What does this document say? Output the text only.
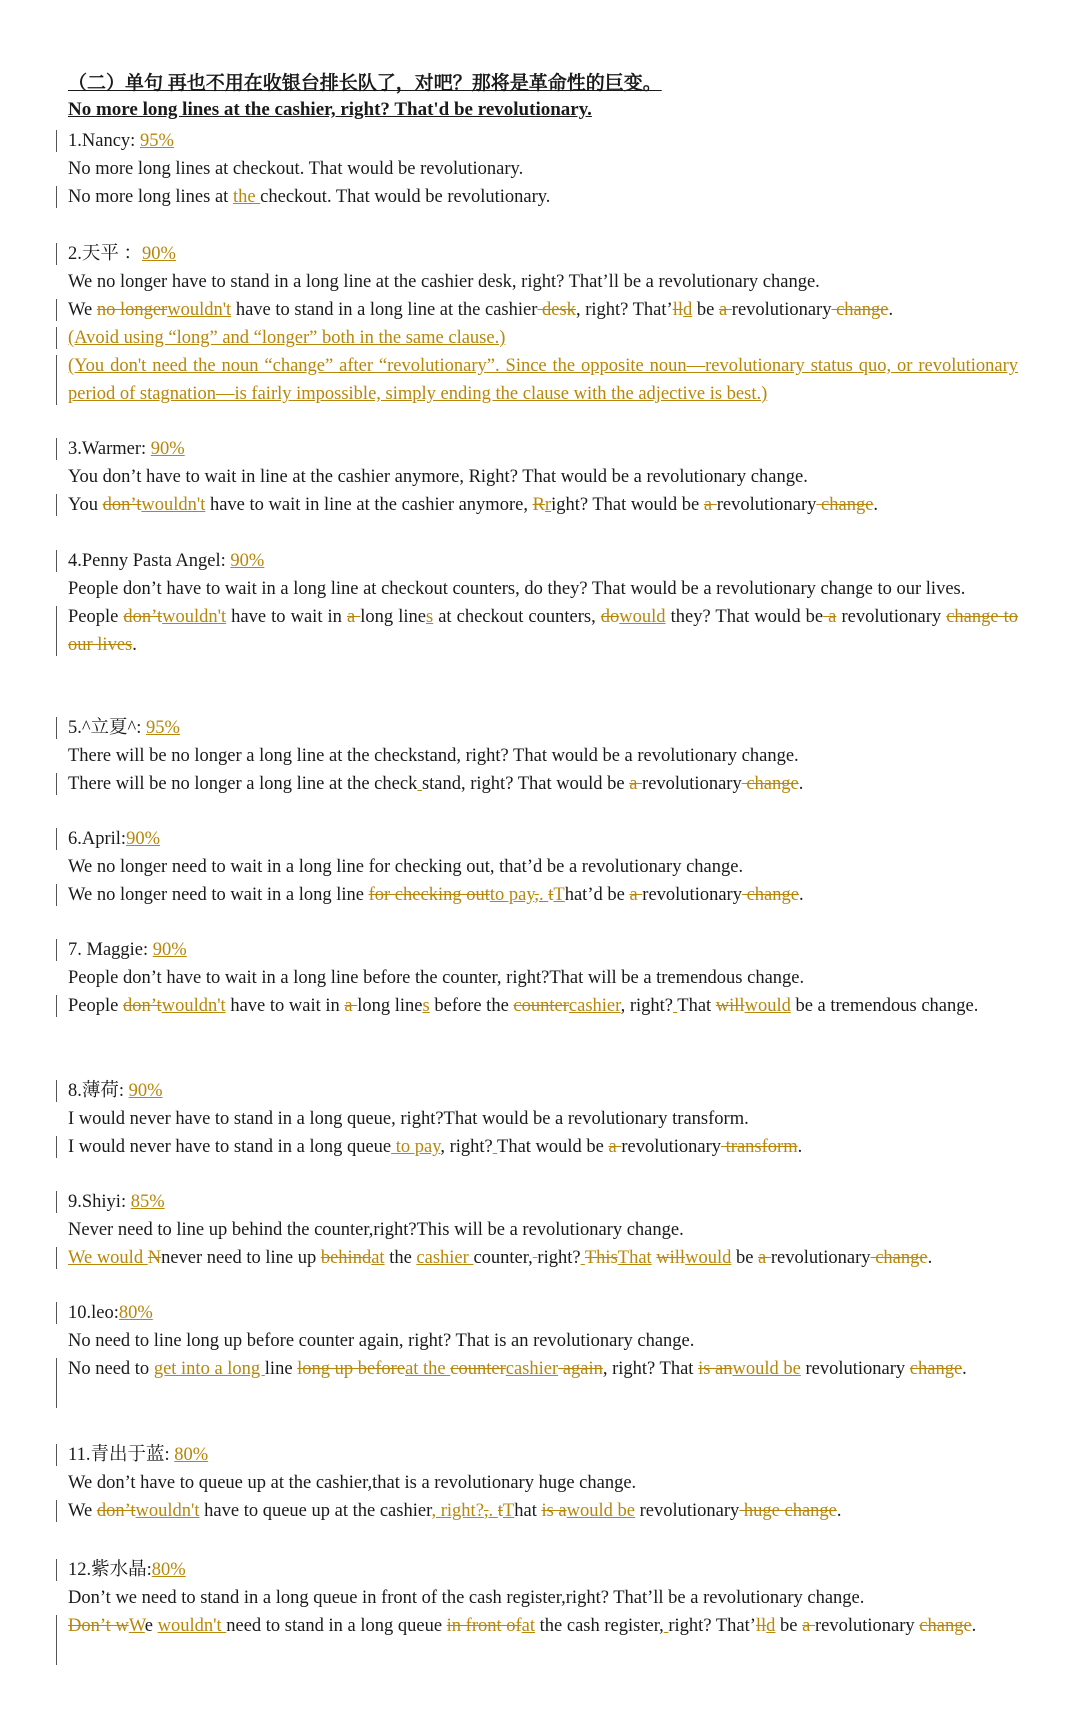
（二）单句 再也不用在收银台排长队了，对吧？那将是革命性的巨变。
No more long lines at the cashier, right? That'd be revolutionary.
1.Nancy: 95%
No more long lines at checkout. That would be revolutionary.
No more long lines at the checkout. That would be revolutionary.
2.天平 ：90%
We no longer have to stand in a long line at the cashier desk, right? That’ll be a revolutionary change.
We no longerwouldn't have to stand in a long line at the cashier desk, right? That’lld be a revolutionary change.
(Avoid using “long” and “longer” both in the same clause.)
(You don't need the noun “change” after “revolutionary”. Since the opposite noun—revolutionary status quo, or revolutionary period of stagnation—is fairly impossible, simply ending the clause with the adjective is best.)
3.Warmer: 90%
You don’t have to wait in line at the cashier anymore, Right? That would be a revolutionary change.
You don’twouldn't have to wait in line at the cashier anymore, Rright? That would be a revolutionary change.
4.Penny Pasta Angel: 90%
People don’t have to wait in a long line at checkout counters, do they? That would be a revolutionary change to our lives.
People don’twouldn't have to wait in a long lines at checkout counters, dowould they? That would be a revolutionary change to our lives.
5.^立夏^: 95%
There will be no longer a long line at the checkstand, right? That would be a revolutionary change.
There will be no longer a long line at the check stand, right? That would be a revolutionary change.
6.April:90%
We no longer need to wait in a long line for checking out, that’d be a revolutionary change.
We no longer need to wait in a long line for checking outto pay,. tThat’d be a revolutionary change.
7. Maggie: 90%
People don’t have to wait in a long line before the counter, right?That will be a tremendous change.
People don’twouldn't have to wait in a long lines before the countercashier, right? That willwould be a tremendous change.
8.薄荷: 90%
I would never have to stand in a long queue, right?That would be a revolutionary transform.
I would never have to stand in a long queue to pay, right? That would be a revolutionary transform.
9.Shiyi: 85%
Never need to line up behind the counter,right?This will be a revolutionary change.
We would Nnever need to line up behindat the cashier counter, right? ThisThat willwould be a revolutionary change.
10.leo:80%
No need to line long up before counter again, right? That is an revolutionary change.
No need to get into a long line long up beforeat the countercashier again, right? That is anwould be revolutionary change.
11.青出于蓝: 80%
We don’t have to queue up at the cashier,that is a revolutionary huge change.
We don’twouldn't have to queue up at the cashier, right?,. tThat is awould be revolutionary huge change.
12.紫水晶:80%
Don’t we need to stand in a long queue in front of the cash register,right? That’ll be a revolutionary change.
Don’t wWe wouldn't need to stand in a long queue in front ofat the cash register, right? That’lld be a revolutionary change.
